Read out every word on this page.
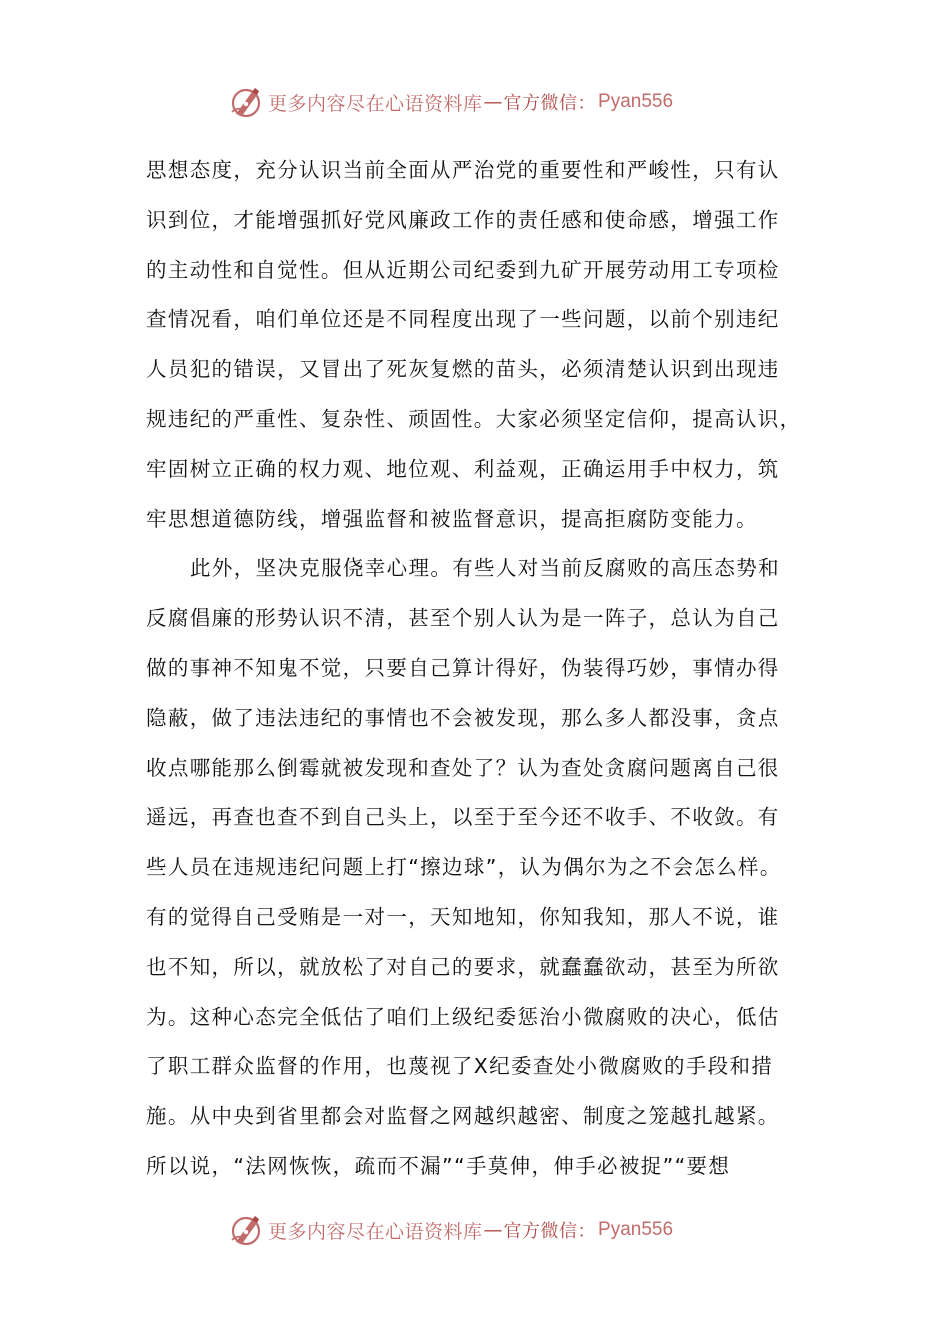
更多内容尽在心语资料库 — 官方微信： Pyan556
思想态度，充分认识当前全面从严治党的重要性和严峻性，只有认
识到位，才能增强抓好党风廉政工作的责任感和使命感，增强工作
的主动性和自觉性。但从近期公司纪委到九矿开展劳动用工专项检
查情况看，咱们单位还是不同程度出现了一些问题，以前个别违纪
人员犯的错误，又冒出了死灰复燃的苗头，必须清楚认识到出现违
规违纪的严重性、复杂性、顽固性。大家必须坚定信仰，提高认识，
牢固树立正确的权力观、地位观、利益观，正确运用手中权力，筑
牢思想道德防线，增强监督和被监督意识，提高拒腐防变能力。
此外，坚决克服侥幸心理。有些人对当前反腐败的高压态势和
反腐倡廉的形势认识不清，甚至个别人认为是一阵子，总认为自己
做的事神不知鬼不觉，只要自己算计得好，伪装得巧妙，事情办得
隐蔽，做了违法违纪的事情也不会被发现，那么多人都没事，贪点
收点哪能那么倒霉就被发现和查处了？认为查处贪腐问题离自己很
遥远，再查也查不到自己头上，以至于至今还不收手、不收敛。有
些人员在违规违纪问题上打“擦边球”，认为偶尔为之不会怎么样。
有的觉得自己受贿是一对一，天知地知，你知我知，那人不说，谁
也不知，所以，就放松了对自己的要求，就蠢蠢欲动，甚至为所欲
为。这种心态完全低估了咱们上级纪委惩治小微腐败的决心，低估
了职工群众监督的作用，也蔑视了X纪委查处小微腐败的手段和措
施。从中央到省里都会对监督之网越织越密、制度之笼越扎越紧。
所以说，“法网恢恢，疏而不漏”“手莫伸，伸手必被捉”“要想
更多内容尽在心语资料库 — 官方微信： Pyan556
